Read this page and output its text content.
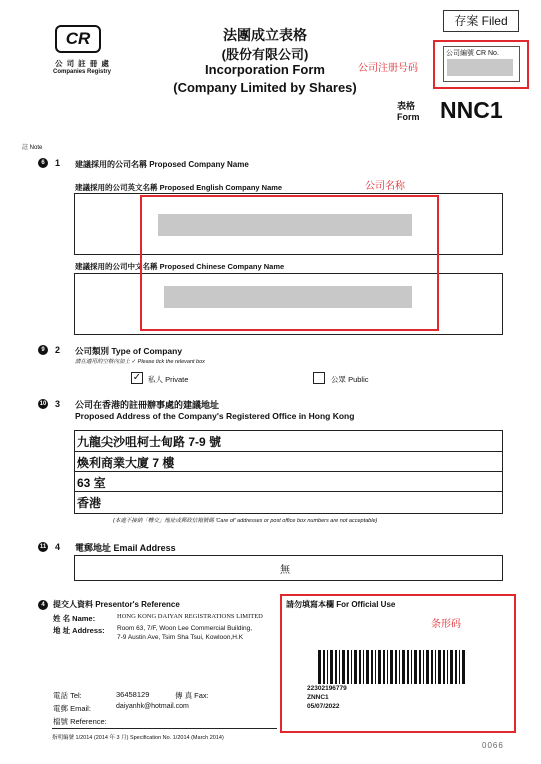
存案 Filed
CR
公 司 註 冊 處
Companies Registry
法團成立表格
(股份有限公司)
Incorporation Form
(Company Limited by Shares)
公司編號 CR No.
公司注册号码
表格
Form NNC1
註 Note
6	1 建議採用的公司名稱 Proposed Company Name
建議採用的公司英文名稱 Proposed English Company Name
建議採用的公司中文名稱 Proposed Chinese Company Name
公司名称
9	2 公司類別 Type of Company
請在適用的空格內加上 ✓ Please tick the relevant box
✓ 私人 Private	公眾 Public
10 3 公司在香港的註冊辦事處的建議地址
Proposed Address of the Company's Registered Office in Hong Kong
九龍尖沙咀柯士甸路 7-9 號
煥利商業大廈 7 樓
63 室
香港
(本處不接納「轉交」地址或郵政信箱號碼 'Care of' addresses or post office box numbers are not acceptable)
11 4 電郵地址 Email Address
無
4	提交人資料 Presentor's Reference
姓 名 Name:	HONG KONG DAIYAN REGISTRATIONS LIMITED
地 址 Address: Room 63, 7/F, Woon Lee Commercial Building,
7-9 Austin Ave, Tsim Sha Tsui, Kowloon,H.K
電話 Tel:	36458129	傳 真 Fax:
電郵 Email:	daiyanhk@hotmail.com
檔號 Reference:
請勿填寫本欄 For Official Use
条形码
22302196779
ZNNC1
05/07/2022
指明編號 1/2014 (2014 年 3 月) Specification No. 1/2014 (March 2014)
0066
